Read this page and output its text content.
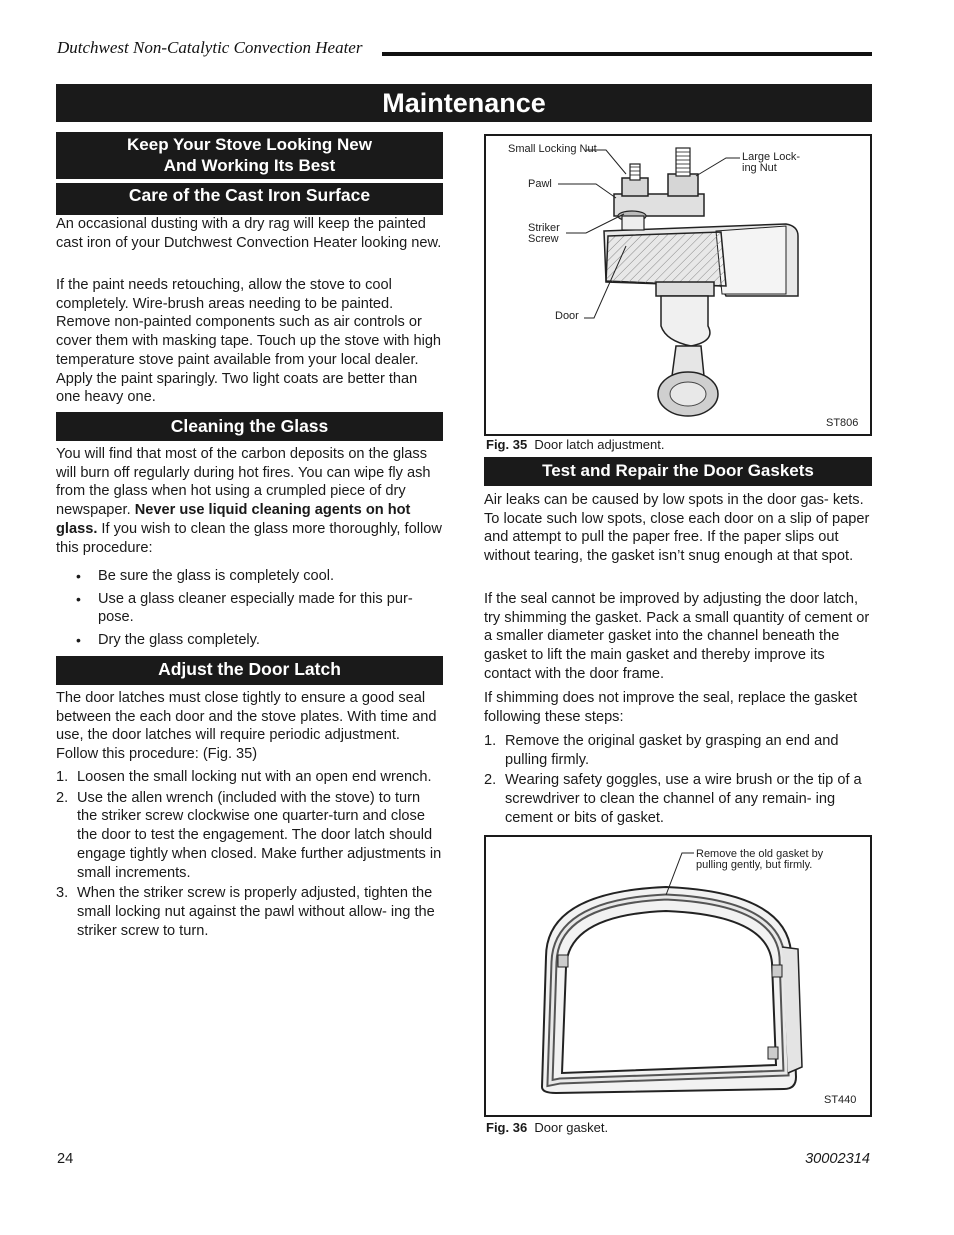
Dutchwest Non-Catalytic Convection Heater
Maintenance
Keep Your Stove Looking New
And Working Its Best
Care of the Cast Iron Surface

An occasional dusting with a dry rag will keep the painted cast iron of your Dutchwest Convection Heater looking new.

If the paint needs retouching, allow the stove to cool completely. Wire-brush areas needing to be painted. Remove non-painted components such as air controls or cover them with masking tape. Touch up the stove with high temperature stove paint available from your local dealer. Apply the paint sparingly. Two light coats are better than one heavy one.

Cleaning the Glass

You will find that most of the carbon deposits on the glass will burn off regularly during hot fires. You can wipe fly ash from the glass when hot using a crumpled piece of dry newspaper. Never use liquid cleaning agents on hot glass. If you wish to clean the glass more thoroughly, follow this procedure:

• Be sure the glass is completely cool.
• Use a glass cleaner especially made for this pur- pose.
• Dry the glass completely.
Adjust the Door Latch

The door latches must close tightly to ensure a good seal between the each door and the stove plates. With time and use, the door latches will require periodic adjustment. Follow this procedure: (Fig. 35)

1. Loosen the small locking nut with an open end wrench.
2. Use the allen wrench (included with the stove) to turn the striker screw clockwise one quarter-turn and close the door to test the engagement. The door latch should engage tightly when closed. Make further adjustments in small increments.
3. When the striker screw is properly adjusted, tighten the small locking nut against the pawl without allow- ing the striker screw to turn.
Small Locking Nut
Large Lock- ing Nut
Pawl
Striker Screw
Door
ST806
Fig. 35 Door latch adjustment.
Test and Repair the Door Gaskets

Air leaks can be caused by low spots in the door gas- kets. To locate such low spots, close each door on a slip of paper and attempt to pull the paper free. If the paper slips out without tearing, the gasket isn’t snug enough at that spot.

If the seal cannot be improved by adjusting the door latch, try shimming the gasket. Pack a small quantity of cement or a smaller diameter gasket into the channel beneath the gasket to lift the main gasket and thereby improve its contact with the door frame.

If shimming does not improve the seal, replace the gasket following these steps:

1. Remove the original gasket by grasping an end and pulling firmly.
2. Wearing safety goggles, use a wire brush or the tip of a screwdriver to clean the channel of any remain- ing cement or bits of gasket.
Remove the old gasket by
pulling gently, but firmly.
ST440
Fig. 36 Door gasket.
24	30002314
